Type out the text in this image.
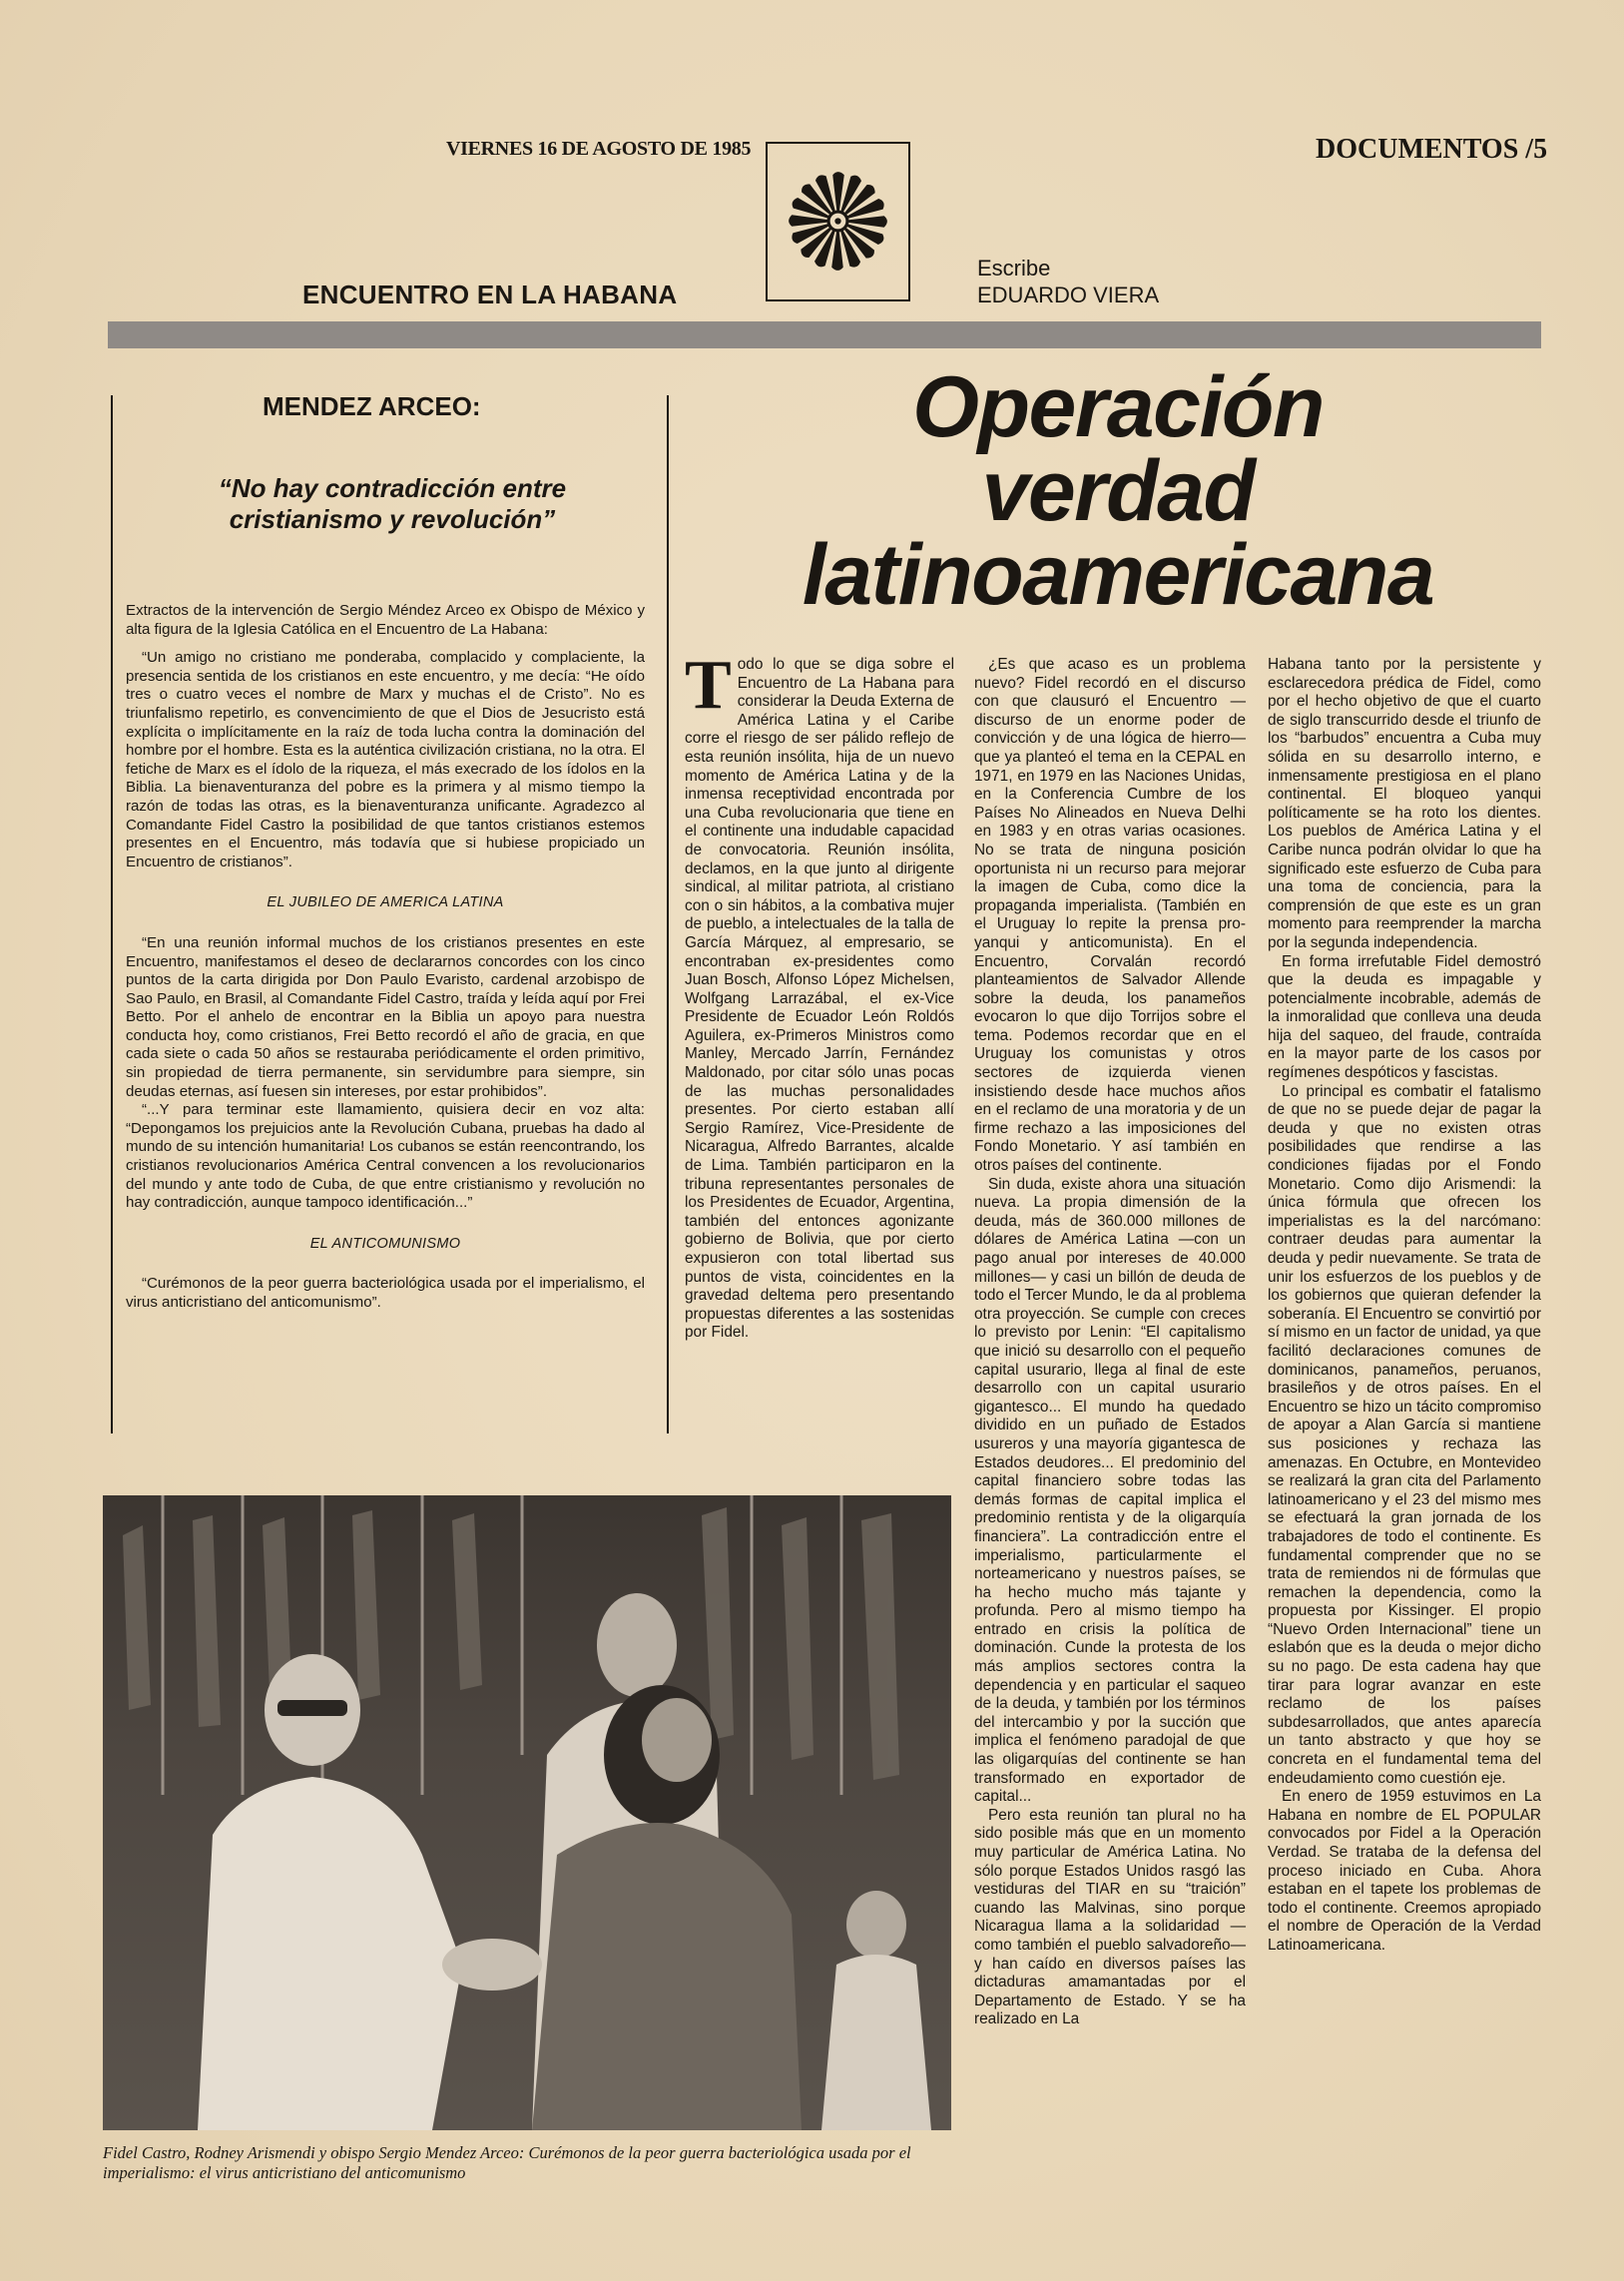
VIERNES 16 DE AGOSTO DE 1985	DOCUMENTOS /5
ENCUENTRO EN LA HABANA
Escribe
EDUARDO VIERA
MENDEZ ARCEO:
“No hay contradicción entre cristianismo y revolución”

Extractos de la intervención de Sergio Méndez Arceo ex Obispo de México y alta figura de la Iglesia Católica en el Encuentro de La Habana:

“Un amigo no cristiano me ponderaba, complacido y complaciente, la presencia sentida de los cristianos en este encuentro, y me decía: “He oído tres o cuatro veces el nombre de Marx y muchas el de Cristo”. No es triunfalismo repetirlo, es convencimiento de que el Dios de Jesucristo está explícita o implícitamente en la raíz de toda lucha contra la dominación del hombre por el hombre. Esta es la auténtica civilización cristiana, no la otra. El fetiche de Marx es el ídolo de la riqueza, el más execrado de los ídolos en la Biblia. La bienaventuranza del pobre es la primera y al mismo tiempo la razón de todas las otras, es la bienaventuranza unificante. Agradezco al Comandante Fidel Castro la posibilidad de que tantos cristianos estemos presentes en el Encuentro, más todavía que si hubiese propiciado un Encuentro de cristianos”.

EL JUBILEO DE AMERICA LATINA

“En una reunión informal muchos de los cristianos presentes en este Encuentro, manifestamos el deseo de declararnos concordes con los cinco puntos de la carta dirigida por Don Paulo Evaristo, cardenal arzobispo de Sao Paulo, en Brasil, al Comandante Fidel Castro, traída y leída aquí por Frei Betto. Por el anhelo de encontrar en la Biblia un apoyo para nuestra conducta hoy, como cristianos, Frei Betto recordó el año de gracia, en que cada siete o cada 50 años se restauraba periódicamente el orden primitivo, sin propiedad de tierra permanente, sin servidumbre para siempre, sin deudas eternas, así fuesen sin intereses, por estar prohibidos”.

“...Y para terminar este llamamiento, quisiera decir en voz alta: “Depongamos los prejuicios ante la Revolución Cubana, pruebas ha dado al mundo de su intención humanitaria! Los cubanos se están reencontrando, los cristianos revolucionarios América Central convencen a los revolucionarios del mundo y ante todo de Cuba, de que entre cristianismo y revolución no hay contradicción, aunque tampoco identificación...”

EL ANTICOMUNISMO

“Curémonos de la peor guerra bacteriológica usada por el imperialismo, el virus anticristiano del anticomunismo”.

Operación
verdad
latinoamericana
T odo lo que se diga sobre el Encuentro de La Habana para considerar la Deuda Externa de América Latina y el Caribe corre el riesgo de ser pálido reflejo de esta reunión insólita, hija de un nuevo momento de América Latina y de la inmensa receptividad encontrada por una Cuba revolucionaria que tiene en el continente una indudable capacidad de convocatoria. Reunión insólita, declamos, en la que junto al dirigente sindical, al militar patriota, al cristiano con o sin hábitos, a la combativa mujer de pueblo, a intelectuales de la talla de García Márquez, al empresario, se encontraban ex-presidentes como Juan Bosch, Alfonso López Michelsen, Wolfgang Larrazábal, el ex-Vice Presidente de Ecuador León Roldós Aguilera, ex-Primeros Ministros como Manley, Mercado Jarrín, Fernández Maldonado, por citar sólo unas pocas de las muchas personalidades presentes. Por cierto estaban allí Sergio Ramírez, Vice-Presidente de Nicaragua, Alfredo Barrantes, alcalde de Lima. También participaron en la tribuna representantes personales de los Presidentes de Ecuador, Argentina, también del entonces agonizante gobierno de Bolivia, que por cierto expusieron con total libertad sus puntos de vista, coincidentes en la gravedad deltema pero presentando propuestas diferentes a las sostenidas por Fidel.

¿Es que acaso es un problema nuevo? Fidel recordó en el discurso con que clausuró el Encuentro —discurso de un enorme poder de convicción y de una lógica de hierro— que ya planteó el tema en la CEPAL en 1971, en 1979 en las Naciones Unidas, en la Conferencia Cumbre de los Países No Alineados en Nueva Delhi en 1983 y en otras varias ocasiones. No se trata de ninguna posición oportunista ni un recurso para mejorar la imagen de Cuba, como dice la propaganda imperialista. (También en el Uruguay lo repite la prensa pro-yanqui y anticomunista). En el Encuentro, Corvalán recordó planteamientos de Salvador Allende sobre la deuda, los panameños evocaron lo que dijo Torrijos sobre el tema. Podemos recordar que en el Uruguay los comunistas y otros sectores de izquierda vienen insistiendo desde hace muchos años en el reclamo de una moratoria y de un firme rechazo a las imposiciones del Fondo Monetario. Y así también en otros países del continente.

Sin duda, existe ahora una situación nueva. La propia dimensión de la deuda, más de 360.000 millones de dólares de América Latina —con un pago anual por intereses de 40.000 millones— y casi un billón de deuda de todo el Tercer Mundo, le da al problema otra proyección. Se cumple con creces lo previsto por Lenin: “El capitalismo que inició su desarrollo con el pequeño capital usurario, llega al final de este desarrollo con un capital usurario gigantesco... El mundo ha quedado dividido en un puñado de Estados usureros y una mayoría gigantesca de Estados deudores... El predominio del capital financiero sobre todas las demás formas de capital implica el predominio rentista y de la oligarquía financiera”. La contradicción entre el imperialismo, particularmente el norteamericano y nuestros países, se ha hecho mucho más tajante y profunda. Pero al mismo tiempo ha entrado en crisis la política de dominación. Cunde la protesta de los más amplios sectores contra la dependencia y en particular el saqueo de la deuda, y también por los términos del intercambio y por la succión que implica el fenómeno paradojal de que las oligarquías del continente se han transformado en exportador de capital...

Pero esta reunión tan plural no ha sido posible más que en un momento muy particular de América Latina. No sólo porque Estados Unidos rasgó las vestiduras del TIAR en su “traición” cuando las Malvinas, sino porque Nicaragua llama a la solidaridad —como también el pueblo salvadoreño— y han caído en diversos países las dictaduras amamantadas por el Departamento de Estado. Y se ha realizado en La

Habana tanto por la persistente y esclarecedora prédica de Fidel, como por el hecho objetivo de que el cuarto de siglo transcurrido desde el triunfo de los “barbudos” encuentra a Cuba muy sólida en su desarrollo interno, e inmensamente prestigiosa en el plano continental. El bloqueo yanqui políticamente se ha roto los dientes. Los pueblos de América Latina y el Caribe nunca podrán olvidar lo que ha significado este esfuerzo de Cuba para una toma de conciencia, para la comprensión de que este es un gran momento para reemprender la marcha por la segunda independencia.

En forma irrefutable Fidel demostró que la deuda es impagable y potencialmente incobrable, además de la inmoralidad que conlleva una deuda hija del saqueo, del fraude, contraída en la mayor parte de los casos por regímenes despóticos y fascistas.

Lo principal es combatir el fatalismo de que no se puede dejar de pagar la deuda y que no existen otras posibilidades que rendirse a las condiciones fijadas por el Fondo Monetario. Como dijo Arismendi: la única fórmula que ofrecen los imperialistas es la del narcómano: contraer deudas para aumentar la deuda y pedir nuevamente. Se trata de unir los esfuerzos de los pueblos y de los gobiernos que quieran defender la soberanía. El Encuentro se convirtió por sí mismo en un factor de unidad, ya que facilitó declaraciones comunes de dominicanos, panameños, peruanos, brasileños y de otros países. En el Encuentro se hizo un tácito compromiso de apoyar a Alan García si mantiene sus posiciones y rechaza las amenazas. En Octubre, en Montevideo se realizará la gran cita del Parlamento latinoamericano y el 23 del mismo mes se efectuará la gran jornada de los trabajadores de todo el continente. Es fundamental comprender que no se trata de remiendos ni de fórmulas que remachen la dependencia, como la propuesta por Kissinger. El propio “Nuevo Orden Internacional” tiene un eslabón que es la deuda o mejor dicho su no pago. De esta cadena hay que tirar para lograr avanzar en este reclamo de los países subdesarrollados, que antes aparecía un tanto abstracto y que hoy se concreta en el fundamental tema del endeudamiento como cuestión eje.

En enero de 1959 estuvimos en La Habana en nombre de EL POPULAR convocados por Fidel a la Operación Verdad. Se trataba de la defensa del proceso iniciado en Cuba. Ahora estaban en el tapete los problemas de todo el continente. Creemos apropiado el nombre de Operación de la Verdad Latinoamericana.

Fidel Castro, Rodney Arismendi y obispo Sergio Mendez Arceo: Curémonos de la peor guerra bacteriológica usada por el imperialismo: el virus anticristiano del anticomunismo
